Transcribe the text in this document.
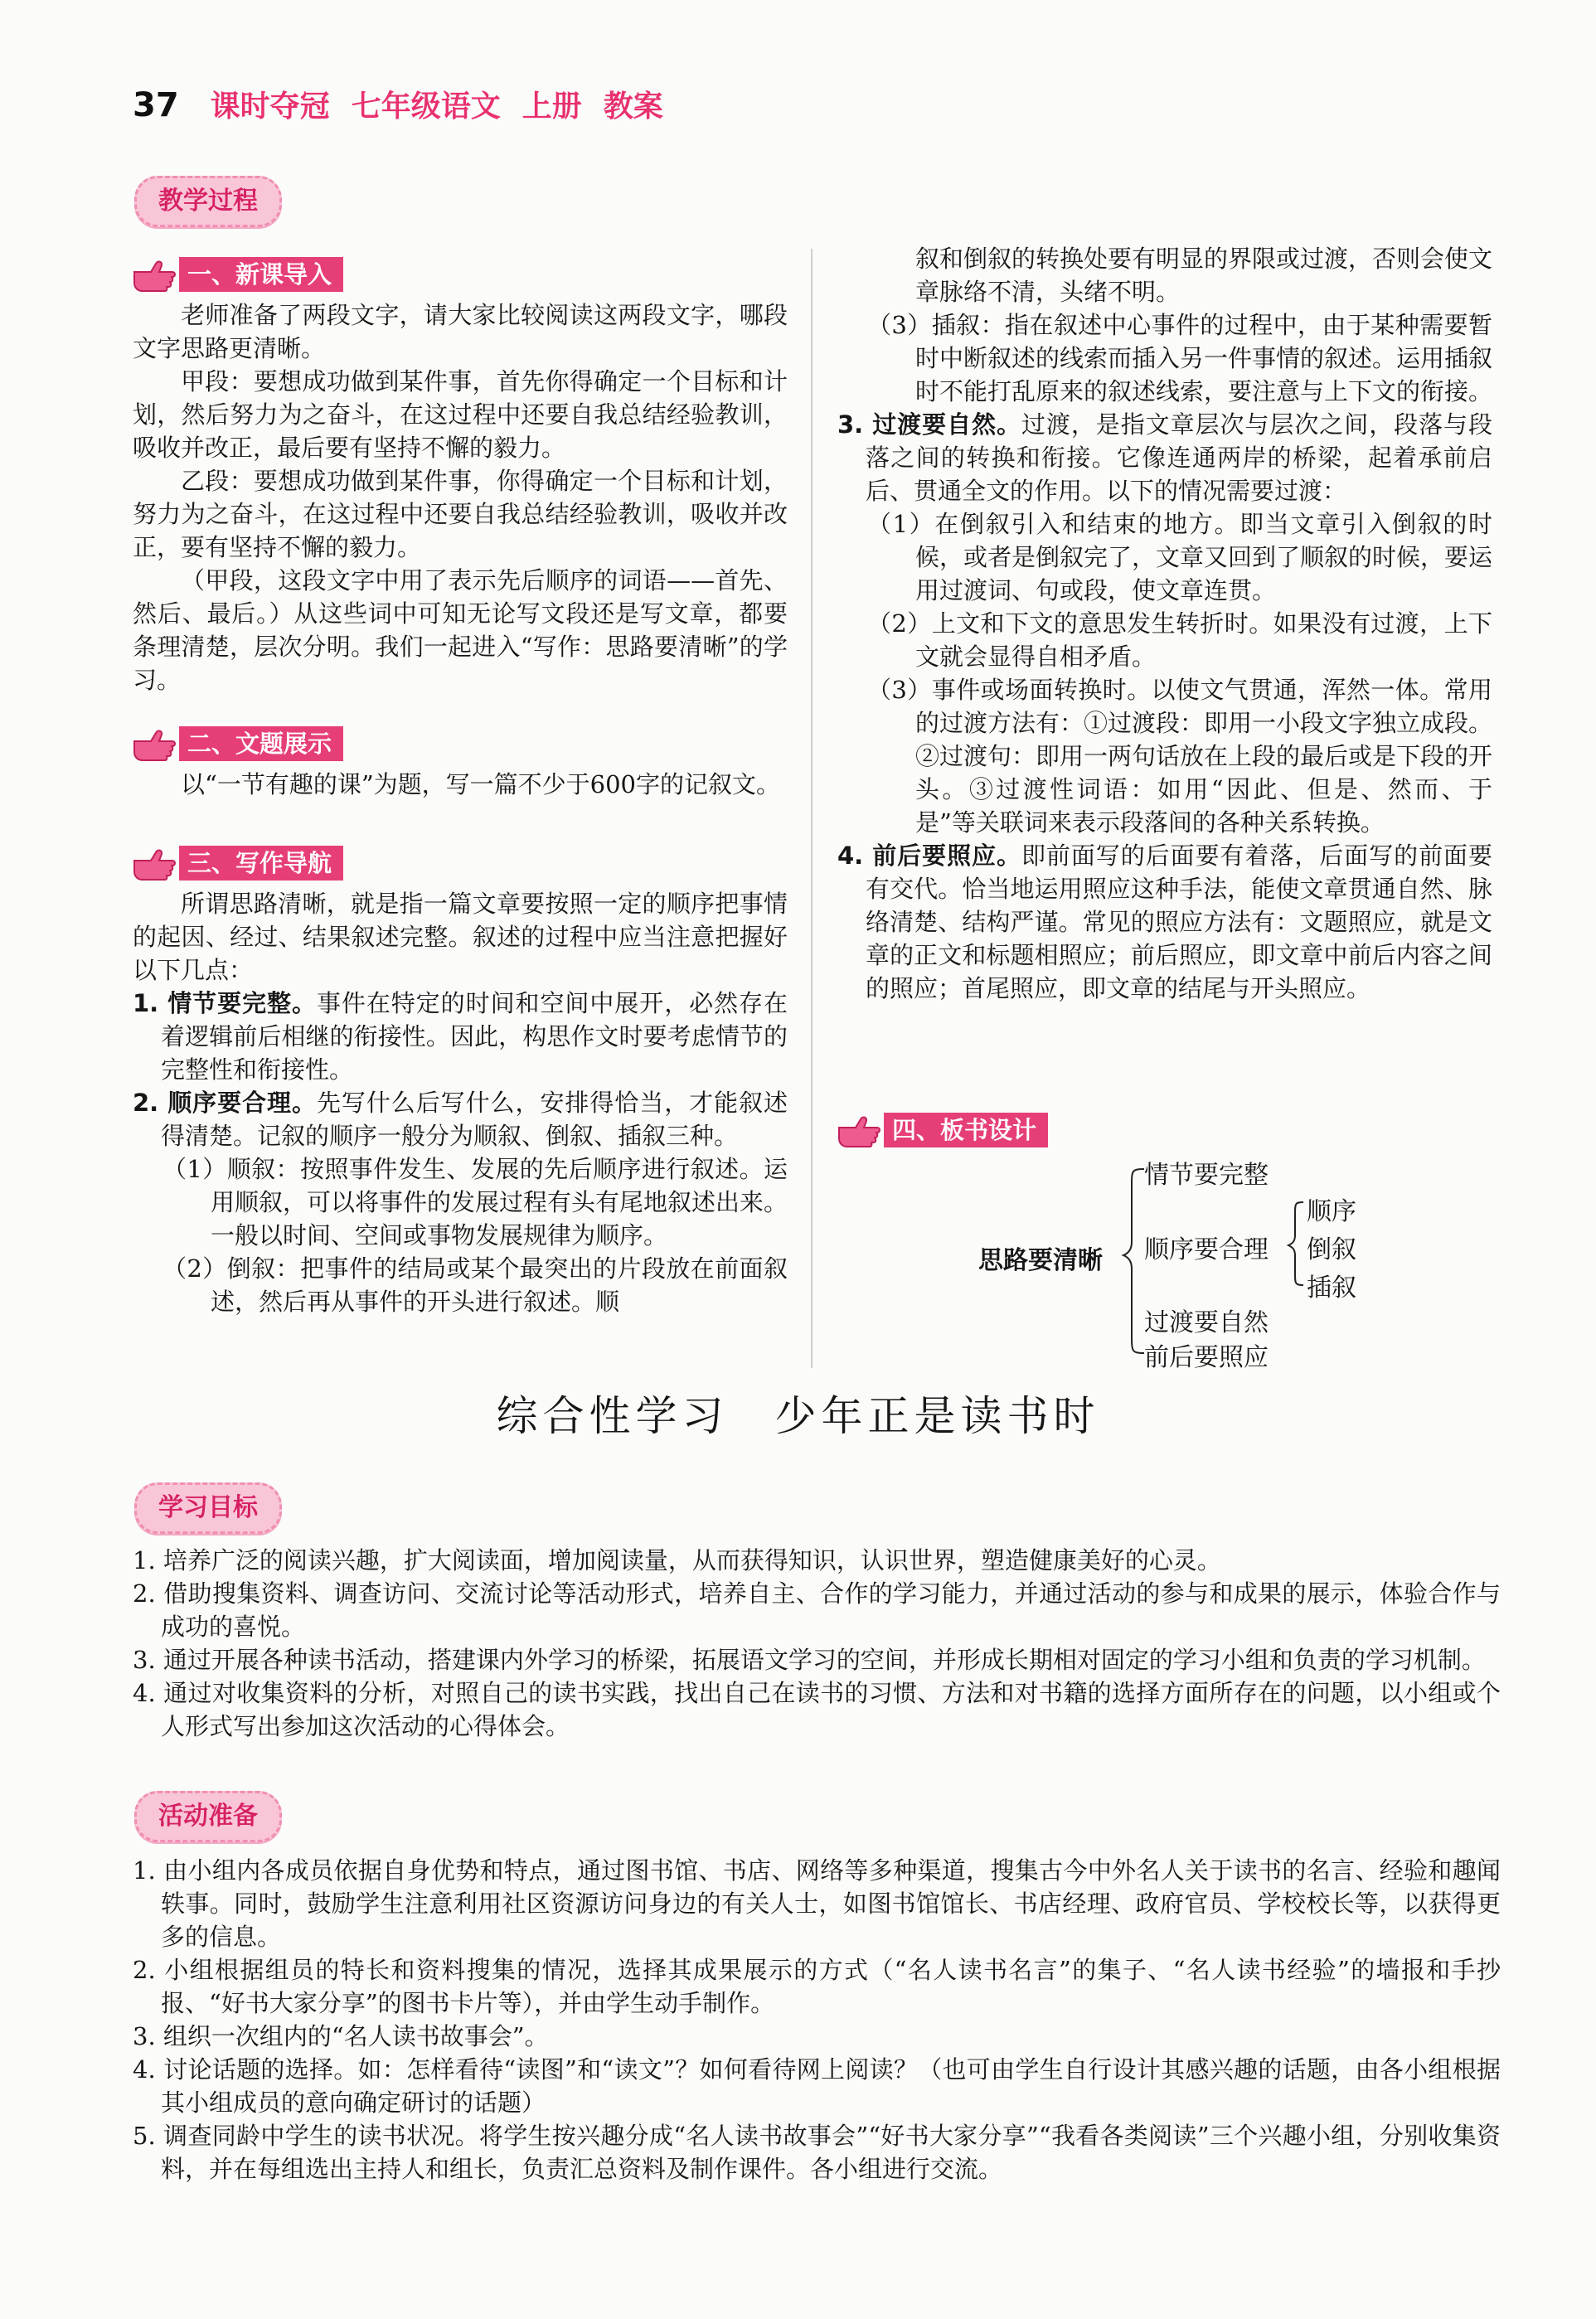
37 课时夺冠 七年级语文 上册 教案
教学过程
一、新课导入

老师准备了两段文字，请大家比较阅读这两段文字，哪段文字思路更清晰。

甲段：要想成功做到某件事，首先你得确定一个目标和计划，然后努力为之奋斗，在这过程中还要自我总结经验教训，吸收并改正，最后要有坚持不懈的毅力。

乙段：要想成功做到某件事，你得确定一个目标和计划，努力为之奋斗，在这过程中还要自我总结经验教训，吸收并改正，要有坚持不懈的毅力。

（甲段，这段文字中用了表示先后顺序的词语——首先、然后、最后。）从这些词中可知无论写文段还是写文章，都要条理清楚，层次分明。我们一起进入“写作：思路要清晰”的学习。

二、文题展示

以“一节有趣的课”为题，写一篇不少于600字的记叙文。

三、写作导航

所谓思路清晰，就是指一篇文章要按照一定的顺序把事情的起因、经过、结果叙述完整。叙述的过程中应当注意把握好以下几点：

1. 情节要完整。事件在特定的时间和空间中展开，必然存在着逻辑前后相继的衔接性。因此，构思作文时要考虑情节的完整性和衔接性。

2. 顺序要合理。先写什么后写什么，安排得恰当，才能叙述得清楚。记叙的顺序一般分为顺叙、倒叙、插叙三种。

（1）顺叙：按照事件发生、发展的先后顺序进行叙述。运用顺叙，可以将事件的发展过程有头有尾地叙述出来。一般以时间、空间或事物发展规律为顺序。

（2）倒叙：把事件的结局或某个最突出的片段放在前面叙述，然后再从事件的开头进行叙述。顺

叙和倒叙的转换处要有明显的界限或过渡，否则会使文章脉络不清，头绪不明。

（3）插叙：指在叙述中心事件的过程中，由于某种需要暂时中断叙述的线索而插入另一件事情的叙述。运用插叙时不能打乱原来的叙述线索，要注意与上下文的衔接。

3. 过渡要自然。过渡，是指文章层次与层次之间，段落与段落之间的转换和衔接。它像连通两岸的桥梁，起着承前启后、贯通全文的作用。以下的情况需要过渡：

（1）在倒叙引入和结束的地方。即当文章引入倒叙的时候，或者是倒叙完了，文章又回到了顺叙的时候，要运用过渡词、句或段，使文章连贯。

（2）上文和下文的意思发生转折时。如果没有过渡，上下文就会显得自相矛盾。

（3）事件或场面转换时。以使文气贯通，浑然一体。常用的过渡方法有：①过渡段：即用一小段文字独立成段。②过渡句：即用一两句话放在上段的最后或是下段的开头。③过渡性词语：如用“因此、但是、然而、于是”等关联词来表示段落间的各种关系转换。

4. 前后要照应。即前面写的后面要有着落，后面写的前面要有交代。恰当地运用照应这种手法，能使文章贯通自然、脉络清楚、结构严谨。常见的照应方法有：文题照应，就是文章的正文和标题相照应；前后照应，即文章中前后内容之间的照应；首尾照应，即文章的结尾与开头照应。

四、板书设计
思路要清晰
情节要完整
顺序要合理
顺序
倒叙
插叙
过渡要自然
前后要照应
综合性学习　少年正是读书时
学习目标

1. 培养广泛的阅读兴趣，扩大阅读面，增加阅读量，从而获得知识，认识世界，塑造健康美好的心灵。

2. 借助搜集资料、调查访问、交流讨论等活动形式，培养自主、合作的学习能力，并通过活动的参与和成果的展示，体验合作与成功的喜悦。

3. 通过开展各种读书活动，搭建课内外学习的桥梁，拓展语文学习的空间，并形成长期相对固定的学习小组和负责的学习机制。

4. 通过对收集资料的分析，对照自己的读书实践，找出自己在读书的习惯、方法和对书籍的选择方面所存在的问题，以小组或个人形式写出参加这次活动的心得体会。

活动准备

1. 由小组内各成员依据自身优势和特点，通过图书馆、书店、网络等多种渠道，搜集古今中外名人关于读书的名言、经验和趣闻轶事。同时，鼓励学生注意利用社区资源访问身边的有关人士，如图书馆馆长、书店经理、政府官员、学校校长等，以获得更多的信息。

2. 小组根据组员的特长和资料搜集的情况，选择其成果展示的方式（“名人读书名言”的集子、“名人读书经验”的墙报和手抄报、“好书大家分享”的图书卡片等），并由学生动手制作。

3. 组织一次组内的“名人读书故事会”。

4. 讨论话题的选择。如：怎样看待“读图”和“读文”？如何看待网上阅读？（也可由学生自行设计其感兴趣的话题，由各小组根据其小组成员的意向确定研讨的话题）

5. 调查同龄中学生的读书状况。将学生按兴趣分成“名人读书故事会”“好书大家分享”“我看各类阅读”三个兴趣小组，分别收集资料，并在每组选出主持人和组长，负责汇总资料及制作课件。各小组进行交流。
